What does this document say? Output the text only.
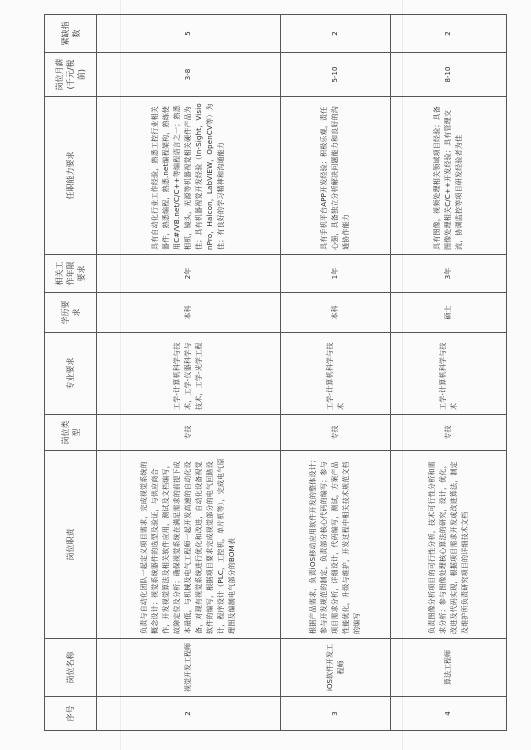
序号	岗位名称	岗位职责	岗位类型	专业要求	学历要求	相关工作年限要求	任职能力要求	岗位月薪(千元/税前)	紧缺指数
2	视觉开发工程师	负责与自动化团队一起定义项目需求，完成视觉系统的概念设计；视觉系统器件的选型及验证，与供应商合作，开发视觉算法及相关软件应用，测试及文档编写，故障定位及分析；确保视觉系统在满足需求的前提下成本最低，与机械及电气工程师一起开发高速的自动化设备，对现有视觉系统进行优化和改进，自动化设备视觉软件的编写，根据项目要求完成视觉部分的电气回路设计，程序设计（PLC，工控机，单片机等），完成电气原理图及编制电气部分的BOM表	专技	工学-计算机科学与技术，工学-仪器科学与技术，工学-光学工程	本科	2年	具有自动化行业工作经验，熟悉工控行业相关器件，熟悉编程，熟悉.net编程架构，熟练使用C#/VB.net/C/C++等编程语言之一；熟悉相机，镜头，光源等机器视觉相关硬件产品为佳；具有机器视觉开发经验（In-Sight，VisionPro，Halcon，LabVIEW，OpenCV等）为佳；有良好的学习精神和沟通能力	3-8	5
3	iOS软件开发工程师	根据产品需求，负责iOS移动应用软件开发的整体设计；参与开发规范的制定，负责部分核心代码的编写；参与项目需求分析，详细设计，代码编写，测试，方案产品性能优化，升级与维护，开发过程中相关技术规范文档的编写	专技	工学-计算机科学与技术	本科	1年	具有手机平台APP开发经验；积极乐观，责任心强，具备独立分析解决问题能力和良好的沟通协作能力	5-10	2
4	算法工程师	负责图像分析项目的可行性分析，技术可行性分析和需求分析；参与图像处理核心算法的研究，设计，优化，改进及代码实现，根据项目需求开发或改进算法，制定及维护所负责研究项目的详细技术文档	专技	工学-计算机科学与技术	硕士	3年	具有图像，视频处理相关领域项目经验；具备图像处理相关C/C++开发经验；具有管理交流，协调监控等项目研发经验者为佳	8-10	2
